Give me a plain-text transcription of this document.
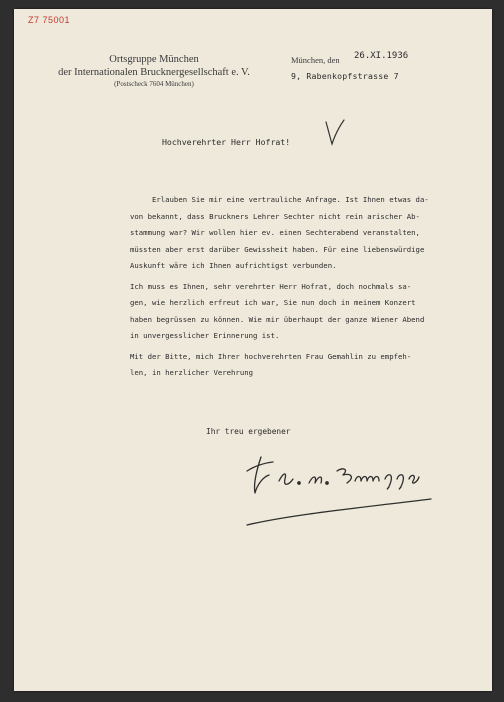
Z7 75001
Ortsgruppe München
der Internationalen Brucknergesellschaft e. V.
(Postscheck 7604 München)
München, den 26.XI.1936
9, Rabenkopfstrasse 7
Hochverehrter Herr Hofrat!
Erlauben Sie mir eine vertrauliche Anfrage. Ist Ihnen etwas da-
von bekannt, dass Bruckners Lehrer Sechter nicht rein arischer Ab-
stammung war? Wir wollen hier ev. einen Sechterabend veranstalten,
müssten aber erst darüber Gewissheit haben. Für eine liebenswürdige
Auskunft wäre ich Ihnen aufrichtigst verbunden.
Ich muss es Ihnen, sehr verehrter Herr Hofrat, doch nochmals sa-
gen, wie herzlich erfreut ich war, Sie nun doch in meinem Konzert
haben begrüssen zu können. Wie mir überhaupt der ganze Wiener Abend
in unvergesslicher Erinnerung ist.
Mit der Bitte, mich Ihrer hochverehrten Frau Gemahlin zu empfeh-
len, in herzlicher Verehrung
Ihr treu ergebener
